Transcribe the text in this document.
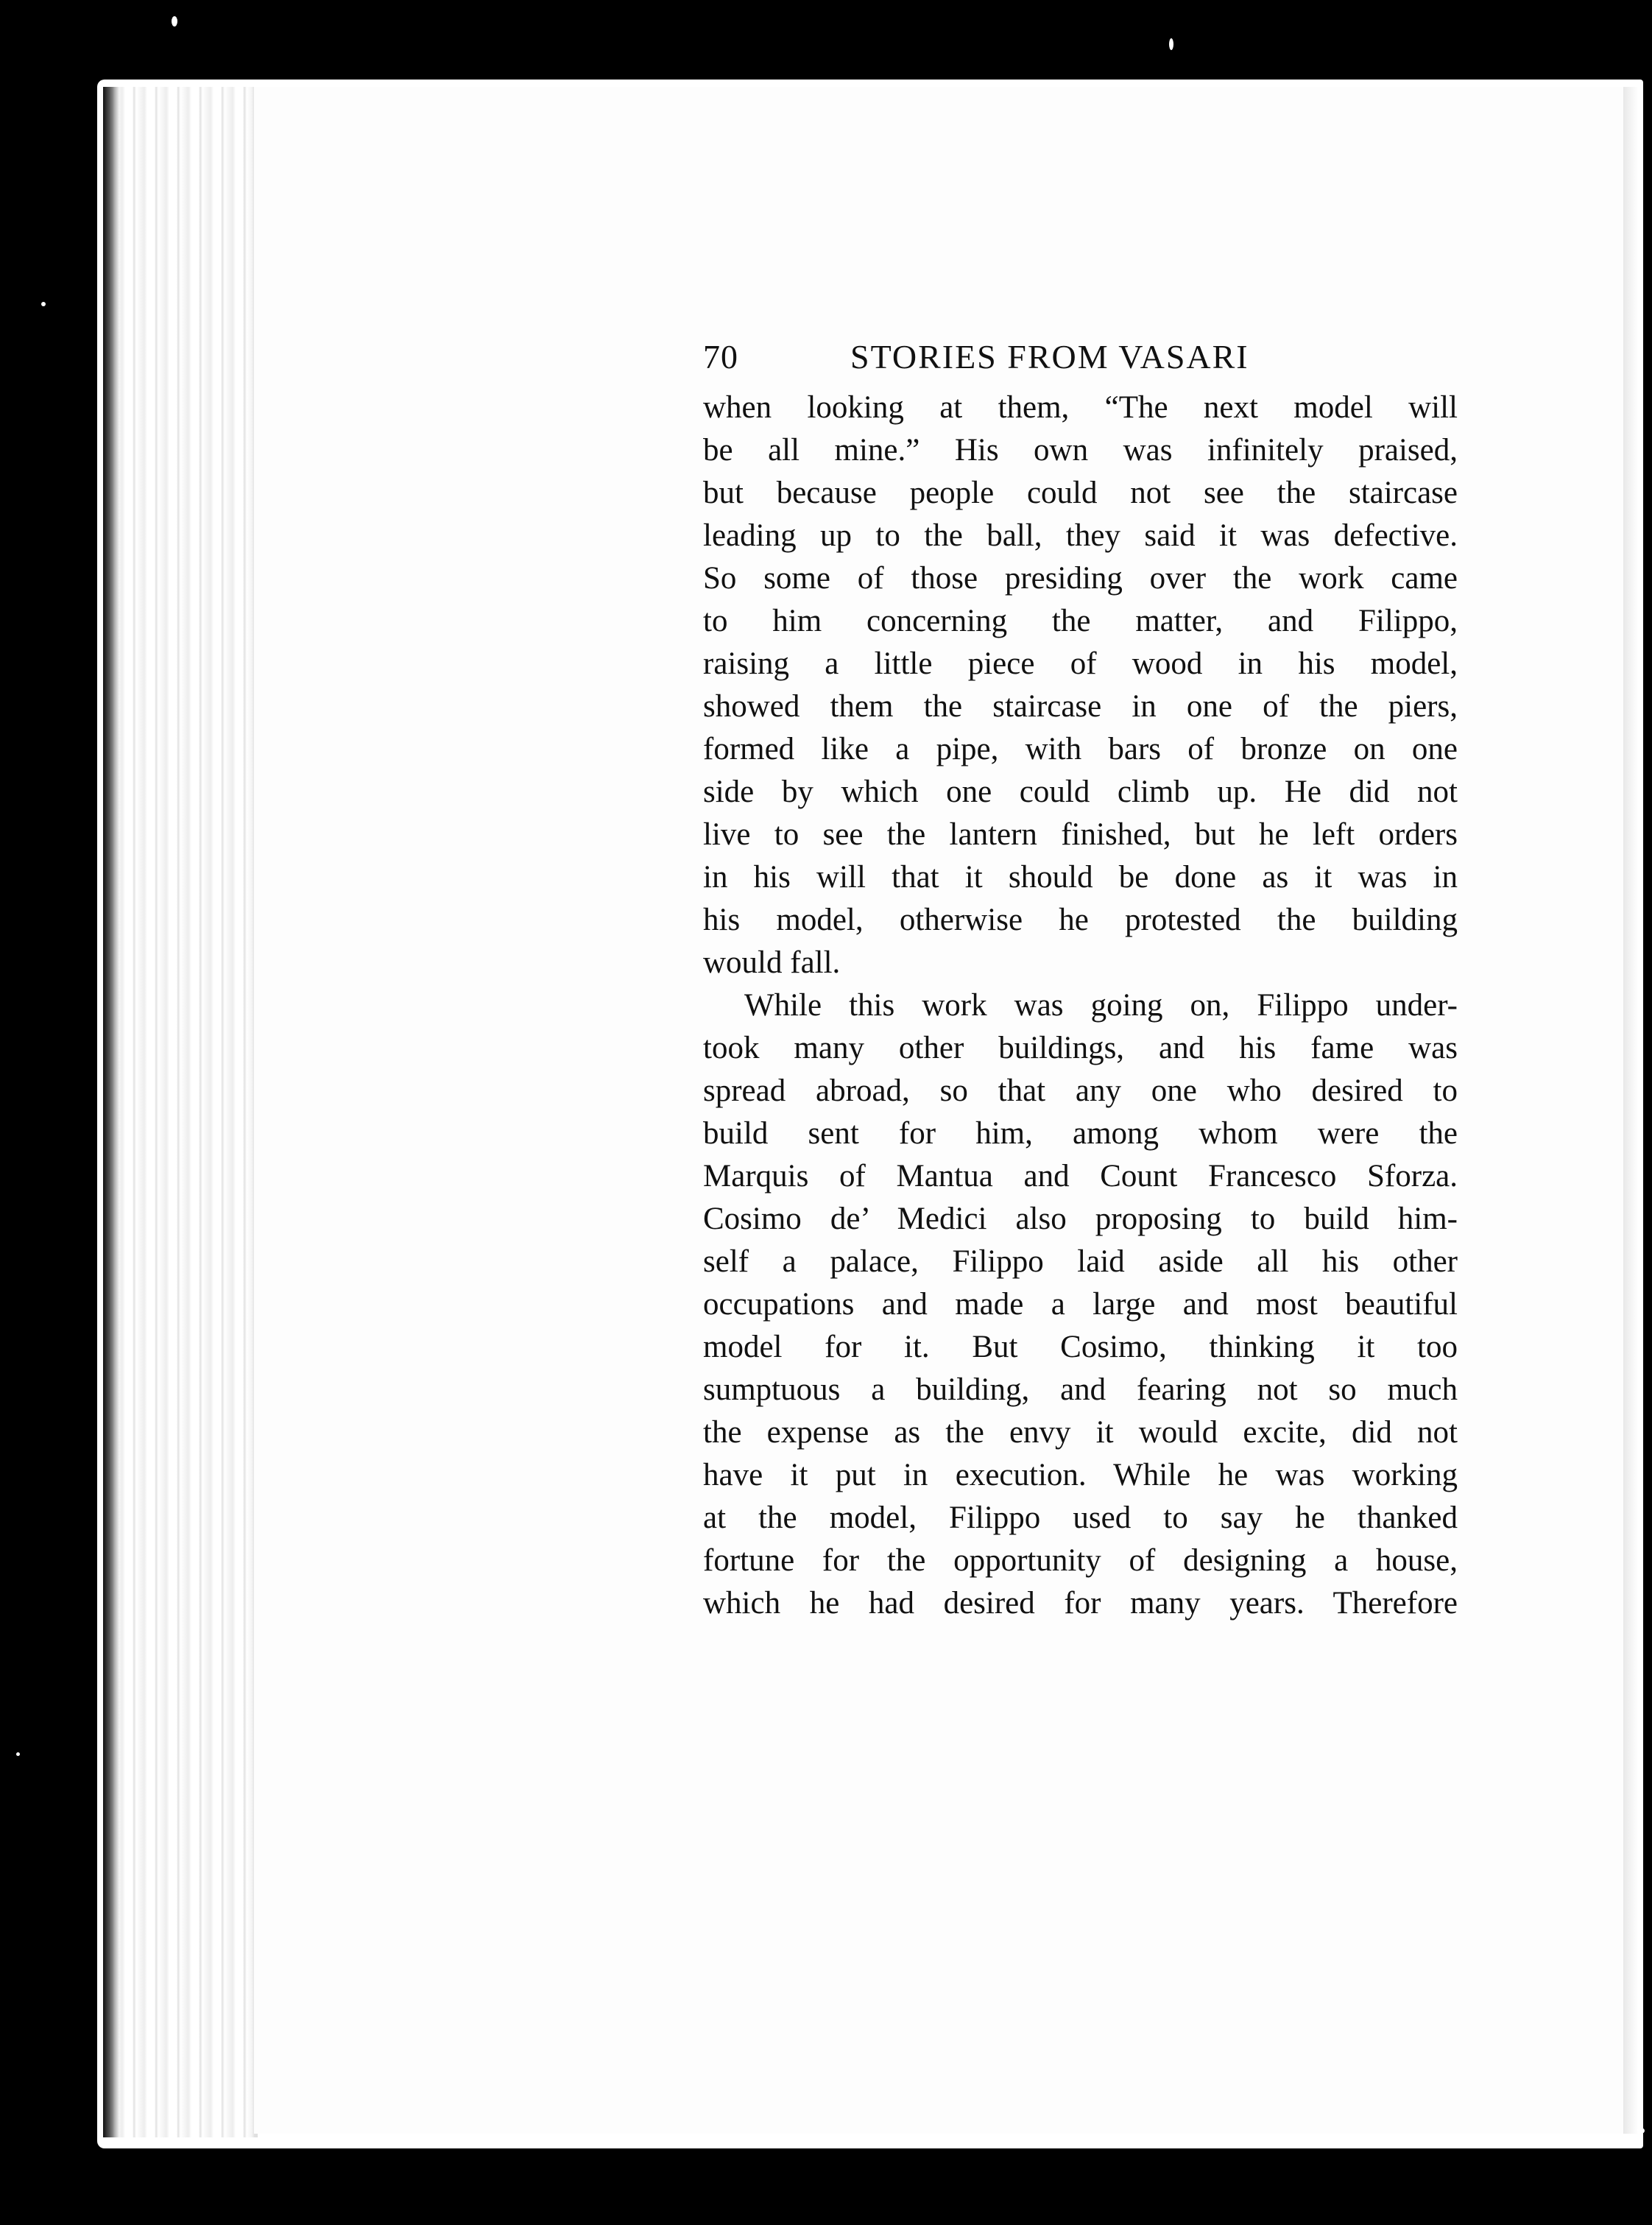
70	STORIES FROM VASARI
when looking at them, “The next model will
be all mine.” His own was infinitely praised,
but because people could not see the staircase
leading up to the ball, they said it was defective.
So some of those presiding over the work came
to him concerning the matter, and Filippo,
raising a little piece of wood in his model,
showed them the staircase in one of the piers,
formed like a pipe, with bars of bronze on one
side by which one could climb up. He did not
live to see the lantern finished, but he left orders
in his will that it should be done as it was in
his model, otherwise he protested the building
would fall.
While this work was going on, Filippo under-
took many other buildings, and his fame was
spread abroad, so that any one who desired to
build sent for him, among whom were the
Marquis of Mantua and Count Francesco Sforza.
Cosimo de’ Medici also proposing to build him-
self a palace, Filippo laid aside all his other
occupations and made a large and most beautiful
model for it. But Cosimo, thinking it too
sumptuous a building, and fearing not so much
the expense as the envy it would excite, did not
have it put in execution. While he was working
at the model, Filippo used to say he thanked
fortune for the opportunity of designing a house,
which he had desired for many years. Therefore
